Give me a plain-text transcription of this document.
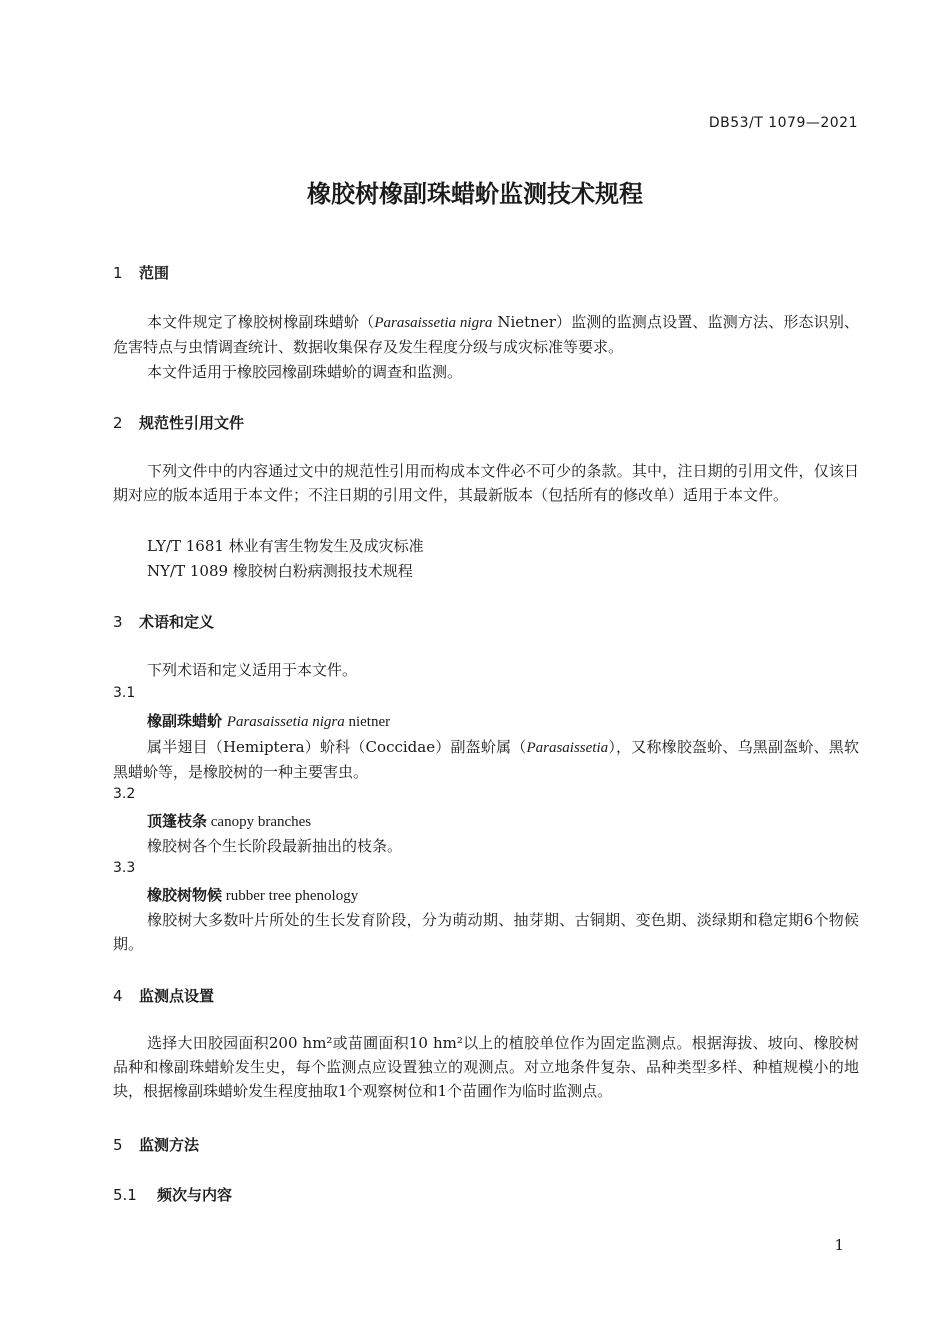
DB53/T 1079—2021
橡胶树橡副珠蜡蚧监测技术规程
1 范围
本文件规定了橡胶树橡副珠蜡蚧（Parasaissetia nigra Nietner）监测的监测点设置、监测方法、形态识别、危害特点与虫情调查统计、数据收集保存及发生程度分级与成灾标准等要求。
本文件适用于橡胶园橡副珠蜡蚧的调查和监测。
2 规范性引用文件
下列文件中的内容通过文中的规范性引用而构成本文件必不可少的条款。其中，注日期的引用文件，仅该日期对应的版本适用于本文件；不注日期的引用文件，其最新版本（包括所有的修改单）适用于本文件。
LY/T 1681 林业有害生物发生及成灾标准
NY/T 1089 橡胶树白粉病测报技术规程
3 术语和定义
下列术语和定义适用于本文件。
3.1
橡副珠蜡蚧 Parasaissetia nigra nietner
属半翅目（Hemiptera）蚧科（Coccidae）副盔蚧属（Parasaissetia），又称橡胶盔蚧、乌黑副盔蚧、黑软黑蜡蚧等，是橡胶树的一种主要害虫。
3.2
顶篷枝条 canopy branches
橡胶树各个生长阶段最新抽出的枝条。
3.3
橡胶树物候 rubber tree phenology
橡胶树大多数叶片所处的生长发育阶段，分为萌动期、抽芽期、古铜期、变色期、淡绿期和稳定期6个物候期。
4 监测点设置
选择大田胶园面积200 hm²或苗圃面积10 hm²以上的植胶单位作为固定监测点。根据海拔、坡向、橡胶树品种和橡副珠蜡蚧发生史，每个监测点应设置独立的观测点。对立地条件复杂、品种类型多样、种植规模小的地块，根据橡副珠蜡蚧发生程度抽取1个观察树位和1个苗圃作为临时监测点。
5 监测方法
5.1 频次与内容
1
